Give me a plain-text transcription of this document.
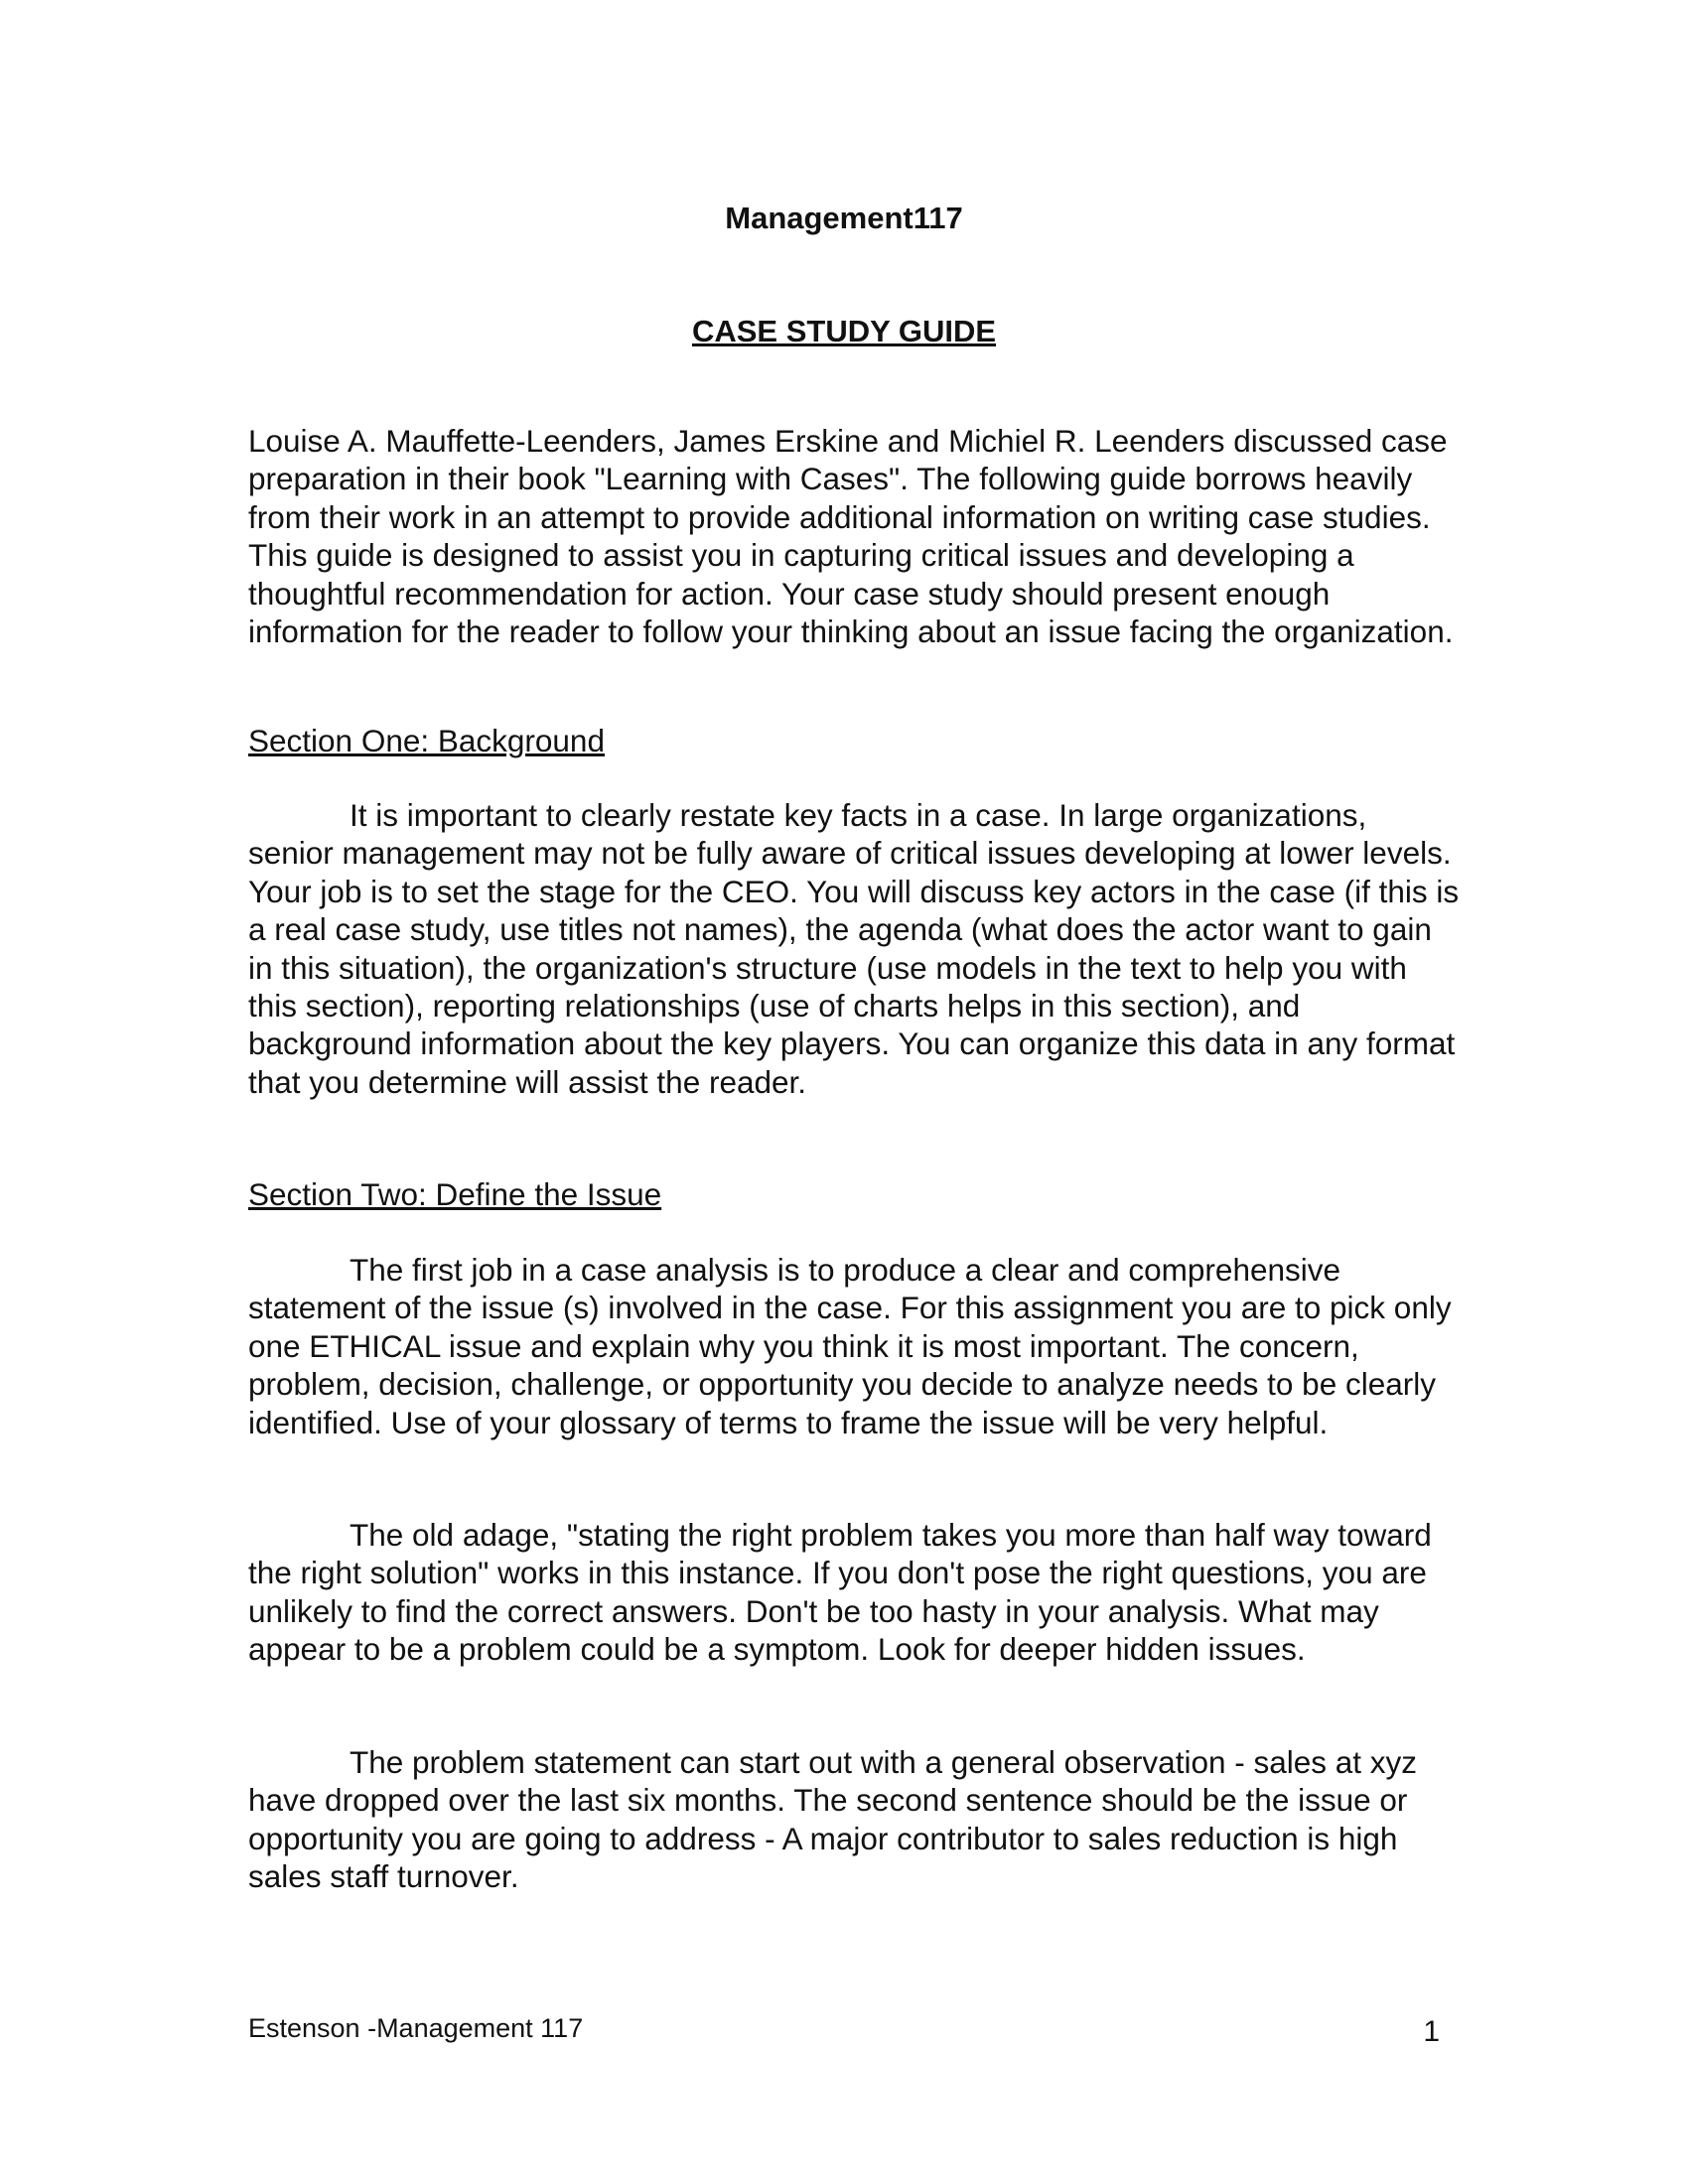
Management117

CASE STUDY GUIDE

Louise A. Mauffette-Leenders, James Erskine and Michiel R. Leenders discussed case preparation in their book "Learning with Cases". The following guide borrows heavily from their work in an attempt to provide additional information on writing case studies. This guide is designed to assist you in capturing critical issues and developing a thoughtful recommendation for action. Your case study should present enough information for the reader to follow your thinking about an issue facing the organization.

Section One: Background

It is important to clearly restate key facts in a case. In large organizations, senior management may not be fully aware of critical issues developing at lower levels. Your job is to set the stage for the CEO. You will discuss key actors in the case (if this is a real case study, use titles not names), the agenda (what does the actor want to gain in this situation), the organization's structure (use models in the text to help you with this section), reporting relationships (use of charts helps in this section), and background information about the key players. You can organize this data in any format that you determine will assist the reader.

Section Two: Define the Issue

The first job in a case analysis is to produce a clear and comprehensive statement of the issue (s) involved in the case. For this assignment you are to pick only one ETHICAL issue and explain why you think it is most important. The concern, problem, decision, challenge, or opportunity you decide to analyze needs to be clearly identified. Use of your glossary of terms to frame the issue will be very helpful.

The old adage, "stating the right problem takes you more than half way toward the right solution" works in this instance. If you don't pose the right questions, you are unlikely to find the correct answers. Don't be too hasty in your analysis. What may appear to be a problem could be a symptom. Look for deeper hidden issues.

The problem statement can start out with a general observation - sales at xyz have dropped over the last six months. The second sentence should be the issue or opportunity you are going to address - A major contributor to sales reduction is high sales staff turnover.

Estenson -Management 117	1
